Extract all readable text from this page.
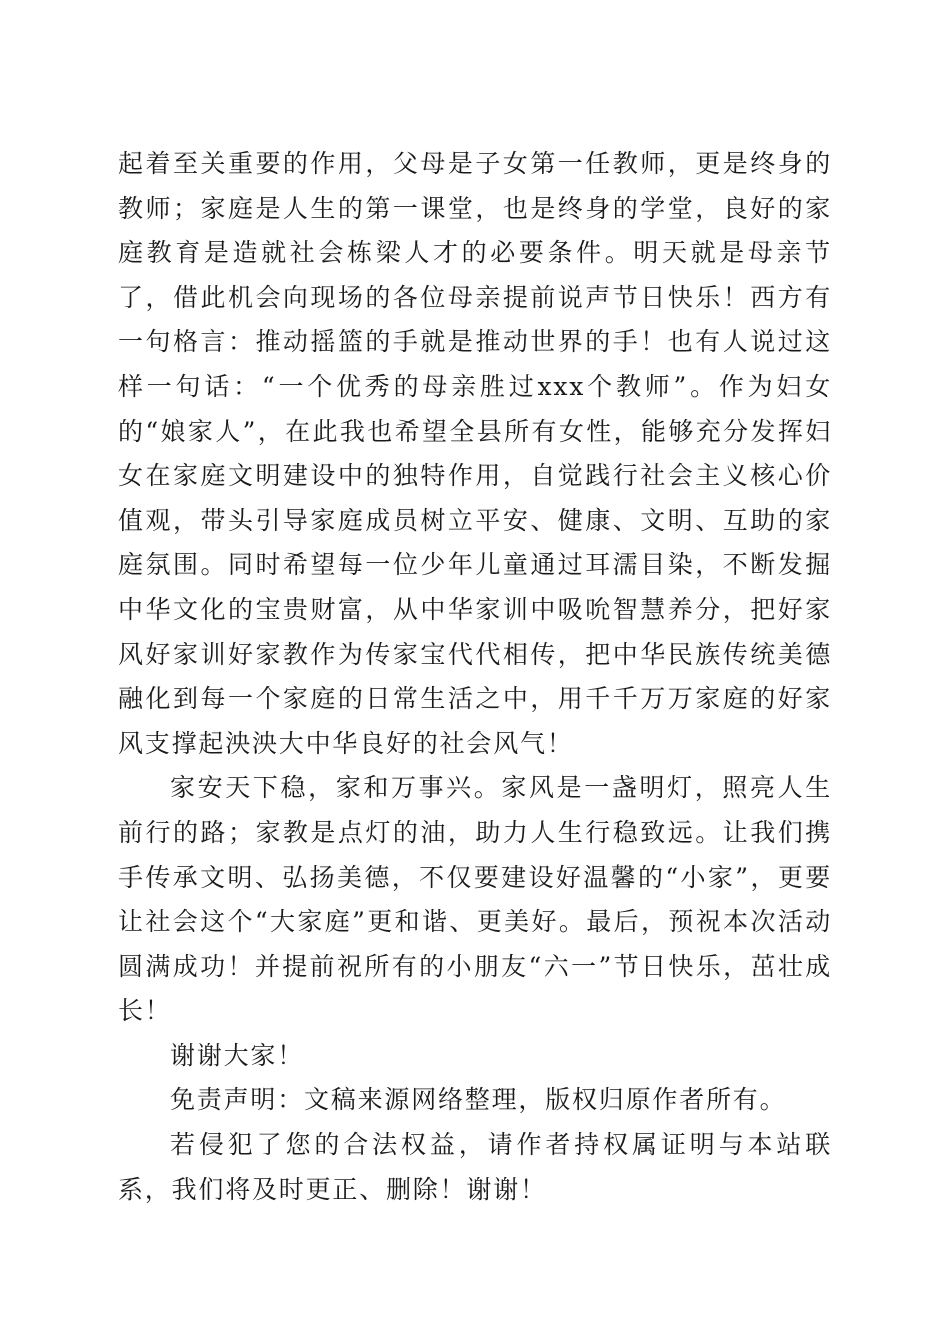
起着至关重要的作用，父母是子女第一任教师，更是终身的教师；家庭是人生的第一课堂，也是终身的学堂，良好的家庭教育是造就社会栋梁人才的必要条件。明天就是母亲节了，借此机会向现场的各位母亲提前说声节日快乐！西方有一句格言：推动摇篮的手就是推动世界的手！也有人说过这样一句话：“一个优秀的母亲胜过xxx个教师”。作为妇女的“娘家人”，在此我也希望全县所有女性，能够充分发挥妇女在家庭文明建设中的独特作用，自觉践行社会主义核心价值观，带头引导家庭成员树立平安、健康、文明、互助的家庭氛围。同时希望每一位少年儿童通过耳濡目染，不断发掘中华文化的宝贵财富，从中华家训中吸吮智慧养分，把好家风好家训好家教作为传家宝代代相传，把中华民族传统美德融化到每一个家庭的日常生活之中，用千千万万家庭的好家风支撑起泱泱大中华良好的社会风气！

家安天下稳，家和万事兴。家风是一盏明灯，照亮人生前行的路；家教是点灯的油，助力人生行稳致远。让我们携手传承文明、弘扬美德，不仅要建设好温馨的“小家”，更要让社会这个“大家庭”更和谐、更美好。最后，预祝本次活动圆满成功！并提前祝所有的小朋友“六一”节日快乐，茁壮成长！

谢谢大家！

免责声明：文稿来源网络整理，版权归原作者所有。

若侵犯了您的合法权益，请作者持权属证明与本站联系，我们将及时更正、删除！谢谢！
